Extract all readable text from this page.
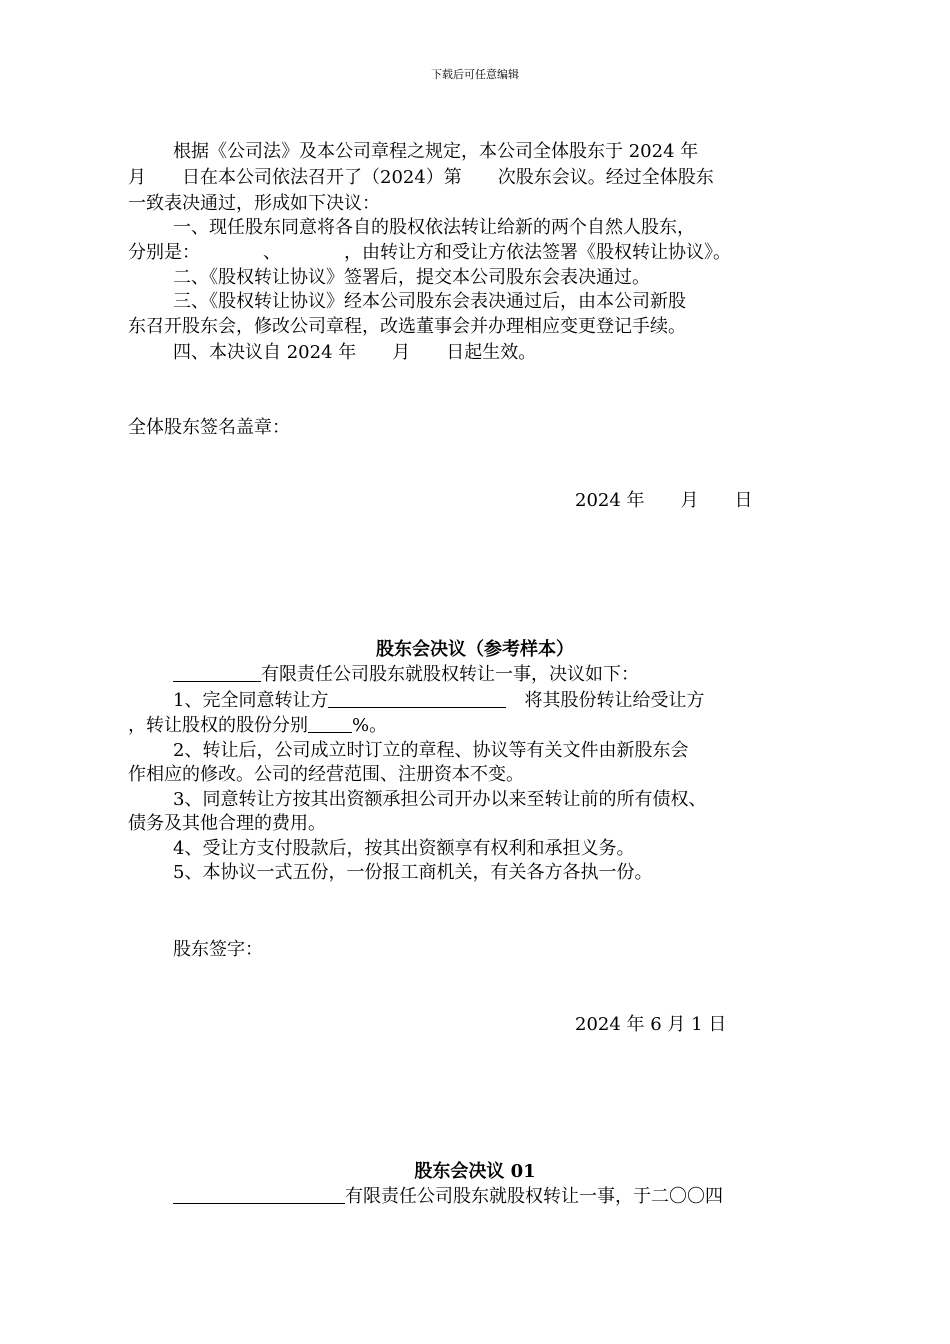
下载后可任意编辑
根据《公司法》及本公司章程之规定，本公司全体股东于 2024 年
月　　日在本公司依法召开了（2024）第　　次股东会议。经过全体股东
一致表决通过，形成如下决议：
一、现任股东同意将各自的股权依法转让给新的两个自然人股东，
分别是：　　　　、　　　　，由转让方和受让方依法签署《股权转让协议》。
二、《股权转让协议》签署后，提交本公司股东会表决通过。
三、《股权转让协议》经本公司股东会表决通过后，由本公司新股
东召开股东会，修改公司章程，改选董事会并办理相应变更登记手续。
四、本决议自 2024 年　　月　　日起生效。
全体股东签名盖章：
2024 年　　月　　日
股东会决议（参考样本）
有限责任公司股东就股权转让一事，决议如下：
1、完全同意转让方　	将其股份转让给受让方
，转让股权的股份分别 %。
2、转让后，公司成立时订立的章程、协议等有关文件由新股东会
作相应的修改。公司的经营范围、注册资本不变。
3、同意转让方按其出资额承担公司开办以来至转让前的所有债权、
债务及其他合理的费用。
4、受让方支付股款后，按其出资额享有权利和承担义务。
5、本协议一式五份，一份报工商机关，有关各方各执一份。
股东签字：
2024 年 6 月 1 日
股东会决议 01
有限责任公司股东就股权转让一事，于二〇〇四
